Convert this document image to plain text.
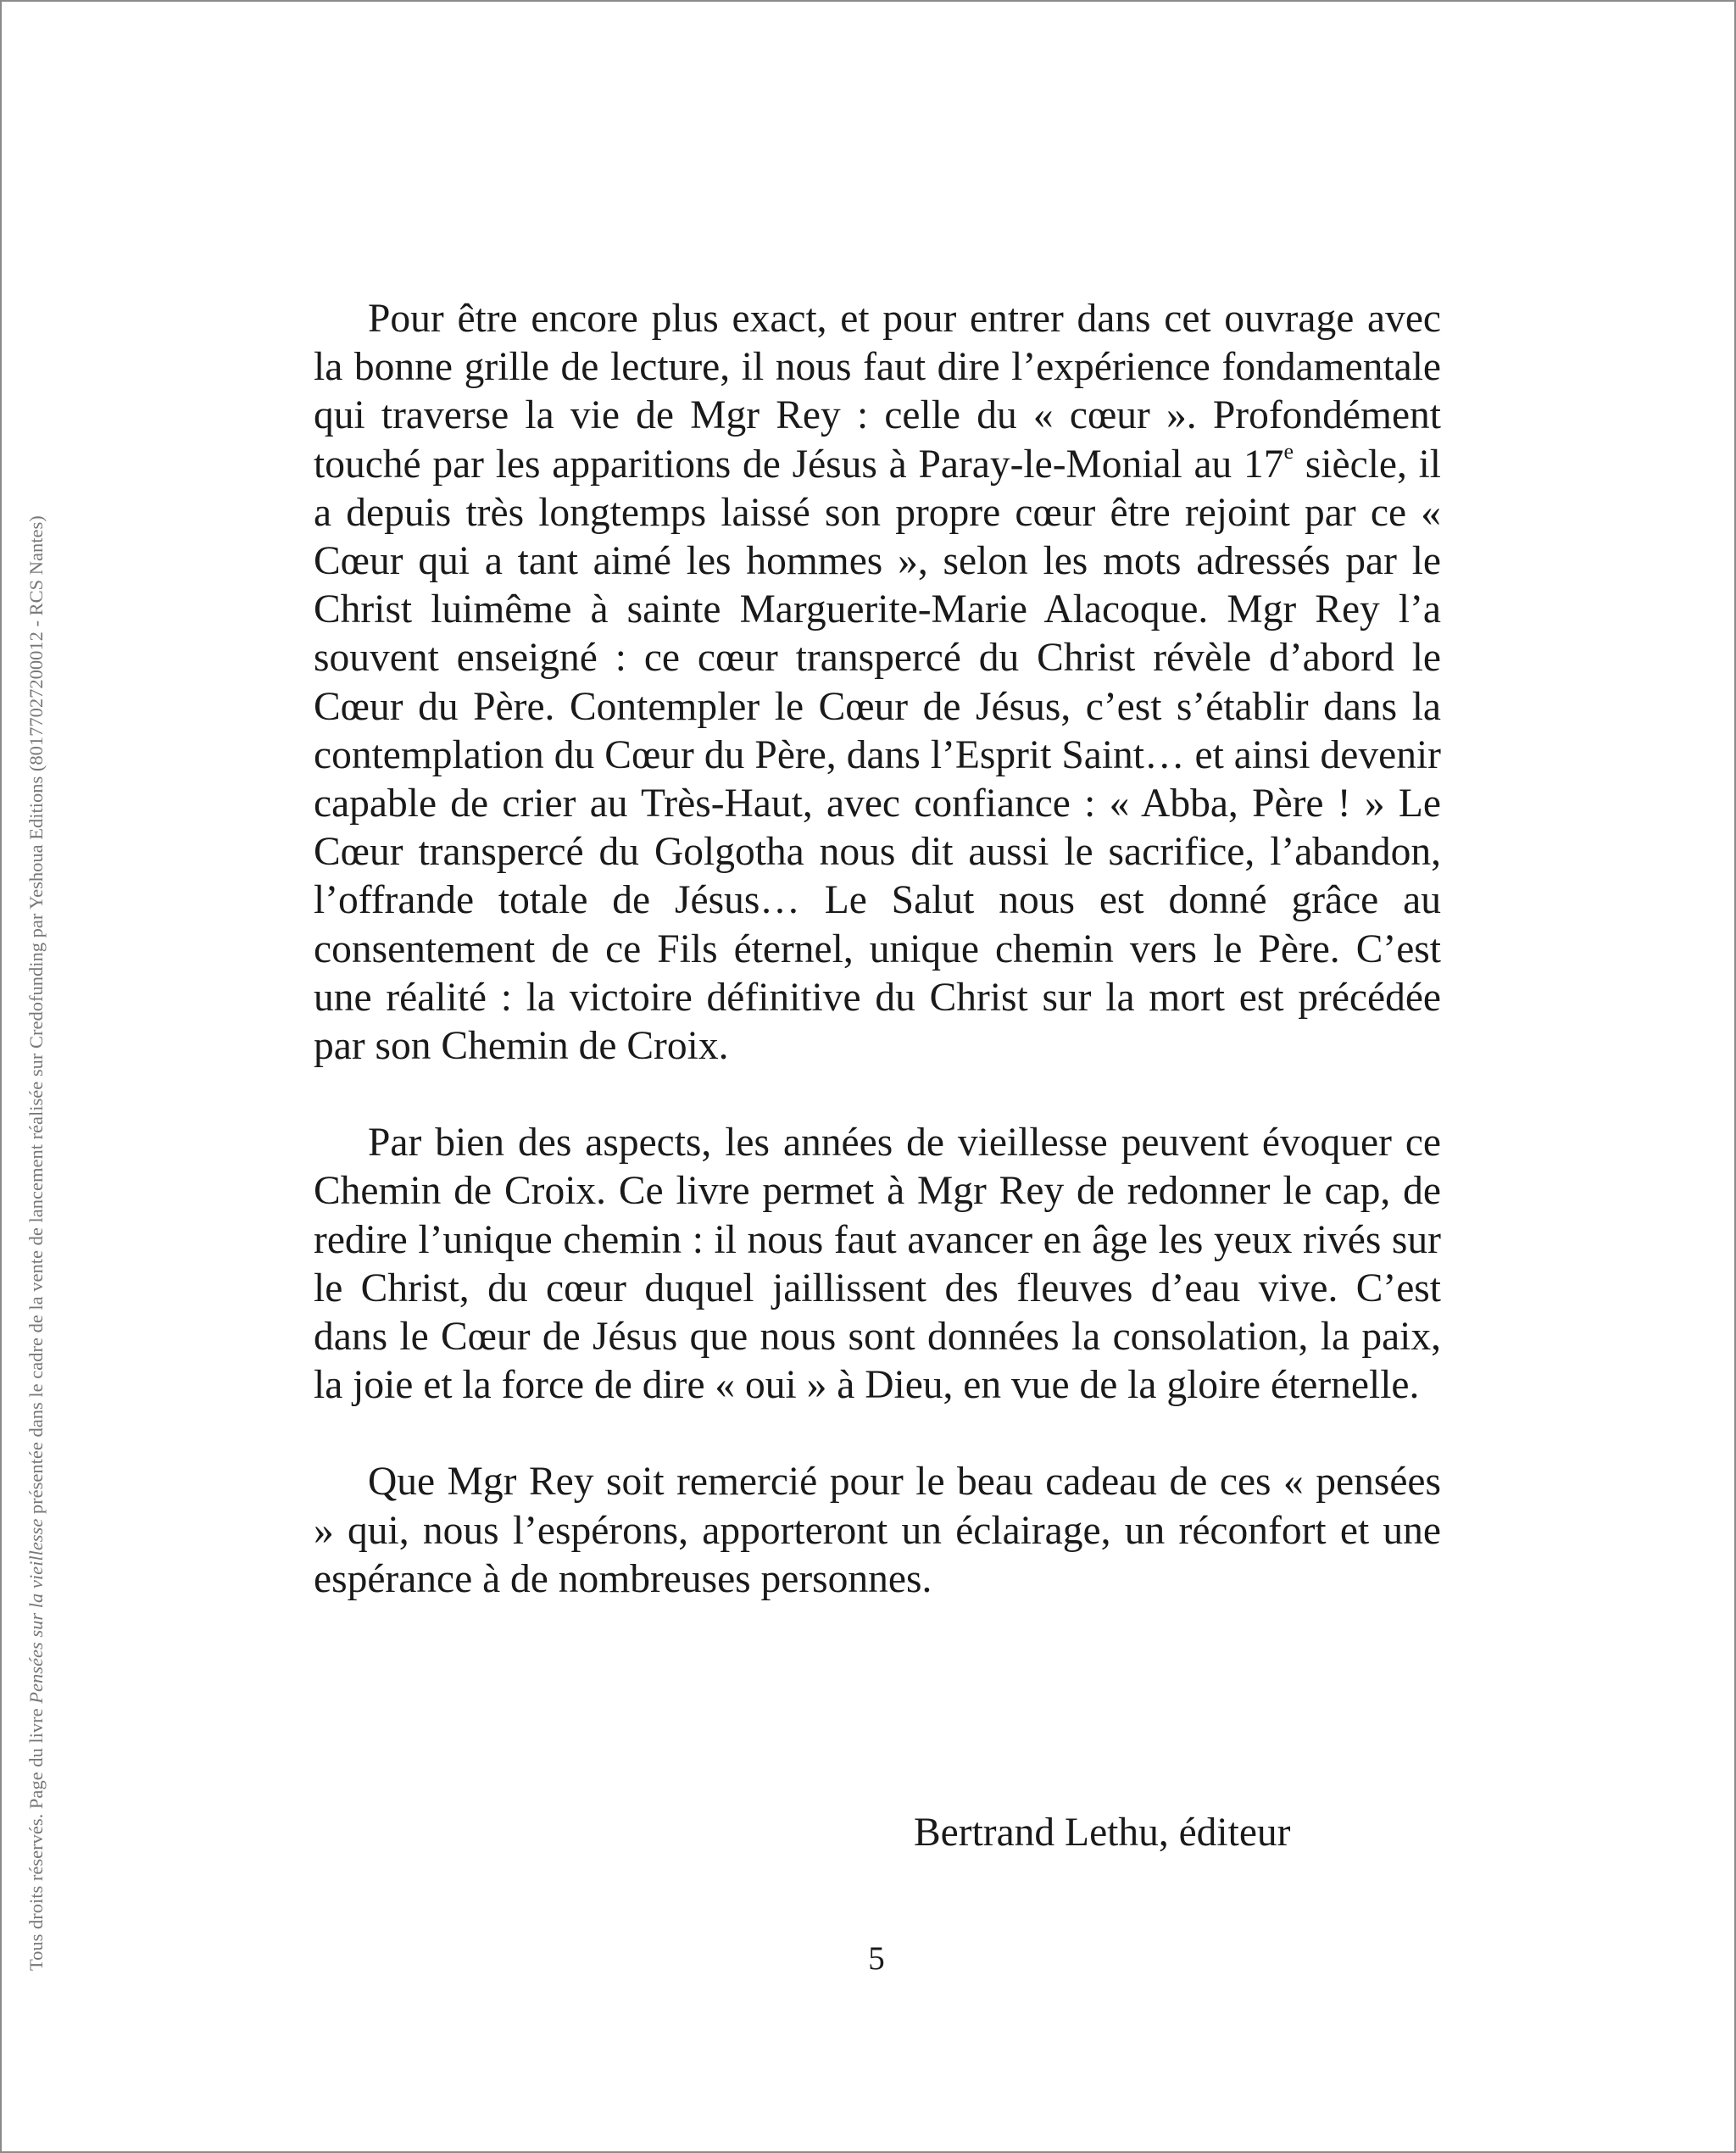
Tous droits réservés. Page du livre Pensées sur la vieillesse présentée dans le cadre de la vente de lancement réalisée sur Credofunding par Yeshoua Editions (80177027200012 - RCS Nantes)

Pour être encore plus exact, et pour entrer dans cet ouvrage avec la bonne grille de lecture, il nous faut dire l’expérience fondamentale qui traverse la vie de Mgr Rey : celle du « cœur ». Profondément touché par les apparitions de Jésus à Paray-le-Monial au 17e siècle, il a depuis très longtemps laissé son propre cœur être rejoint par ce « Cœur qui a tant aimé les hommes », selon les mots adressés par le Christ luimême à sainte Marguerite-Marie Alacoque. Mgr Rey l’a souvent enseigné : ce cœur transpercé du Christ révèle d’abord le Cœur du Père. Contempler le Cœur de Jésus, c’est s’établir dans la contemplation du Cœur du Père, dans l’Esprit Saint… et ainsi devenir capable de crier au Très-Haut, avec confiance : « Abba, Père ! » Le Cœur transpercé du Golgotha nous dit aussi le sacrifice, l’abandon, l’offrande totale de Jésus… Le Salut nous est donné grâce au consentement de ce Fils éternel, unique chemin vers le Père. C’est une réalité : la victoire définitive du Christ sur la mort est précédée par son Chemin de Croix.

Par bien des aspects, les années de vieillesse peuvent évoquer ce Chemin de Croix. Ce livre permet à Mgr Rey de redonner le cap, de redire l’unique chemin : il nous faut avancer en âge les yeux rivés sur le Christ, du cœur duquel jaillissent des fleuves d’eau vive. C’est dans le Cœur de Jésus que nous sont données la consolation, la paix, la joie et la force de dire « oui » à Dieu, en vue de la gloire éternelle.

Que Mgr Rey soit remercié pour le beau cadeau de ces « pensées » qui, nous l’espérons, apporteront un éclairage, un réconfort et une espérance à de nombreuses personnes.

Bertrand Lethu, éditeur
5
